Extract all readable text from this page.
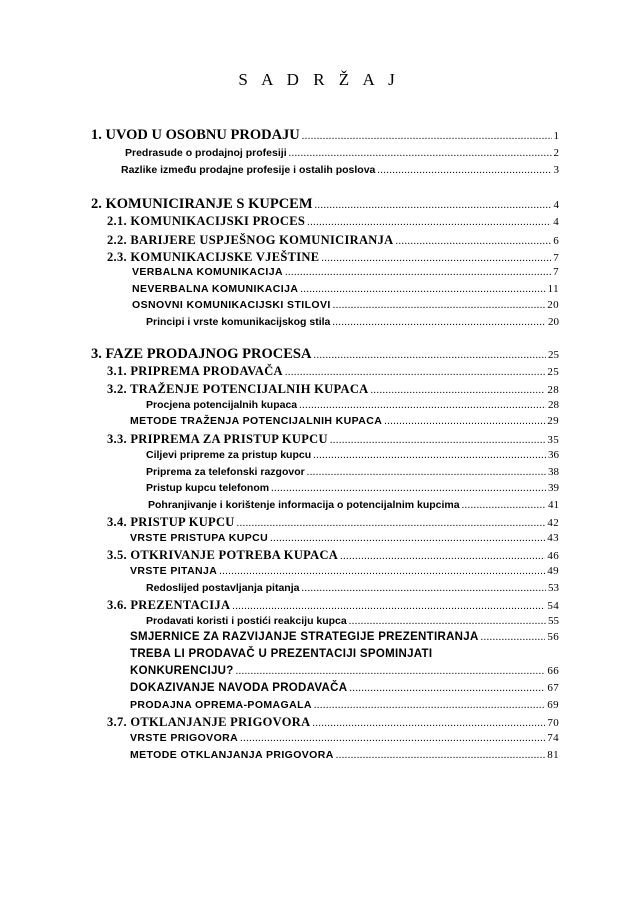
S A D R Ž A J
1. UVOD U OSOBNU PRODAJU .....	1
Predrasude o prodajnoj profesiji .....	2
Razlike između prodajne profesije i ostalih poslova .....	3
2. KOMUNICIRANJE S KUPCEM .....	4
2.1. KOMUNIKACIJSKI PROCES .....	4
2.2. BARIJERE USPJEŠNOG KOMUNICIRANJA .....	6
2.3. KOMUNIKACIJSKE VJEŠTINE .....	7
VERBALNA KOMUNIKACIJA .....	7
NEVERBALNA KOMUNIKACIJA .....	11
OSNOVNI KOMUNIKACIJSKI STILOVI .....	20
Principi i vrste komunikacijskog stila .....	20
3. FAZE PRODAJNOG PROCESA .....	25
3.1. PRIPREMA PRODAVAČA .....	25
3.2. TRAŽENJE POTENCIJALNIH KUPACA .....	28
Procjena potencijalnih kupaca .....	28
METODE TRAŽENJA POTENCIJALNIH KUPACA .....	29
3.3. PRIPREMA ZA PRISTUP KUPCU .....	35
Ciljevi pripreme za pristup kupcu .....	36
Priprema za telefonski razgovor .....	38
Pristup kupcu telefonom .....	39
Pohranjivanje i korištenje informacija o potencijalnim kupcima .....	41
3.4. PRISTUP KUPCU .....	42
VRSTE PRISTUPA KUPCU .....	43
3.5. OTKRIVANJE POTREBA KUPACA .....	46
VRSTE PITANJA .....	49
Redoslijed postavljanja pitanja .....	53
3.6. PREZENTACIJA .....	54
Prodavati koristi i postići reakciju kupca .....	55
SMJERNICE ZA RAZVIJANJE STRATEGIJE PREZENTIRANJA .....	56
TREBA LI PRODAVAČ U PREZENTACIJI SPOMINJATI
KONKURENCIJU? .....	66
DOKAZIVANJE NAVODA PRODAVAČA .....	67
PRODAJNA OPREMA-POMAGALA .....	69
3.7. OTKLANJANJE PRIGOVORA .....	70
VRSTE PRIGOVORA .....	74
METODE OTKLANJANJA PRIGOVORA .....	81
